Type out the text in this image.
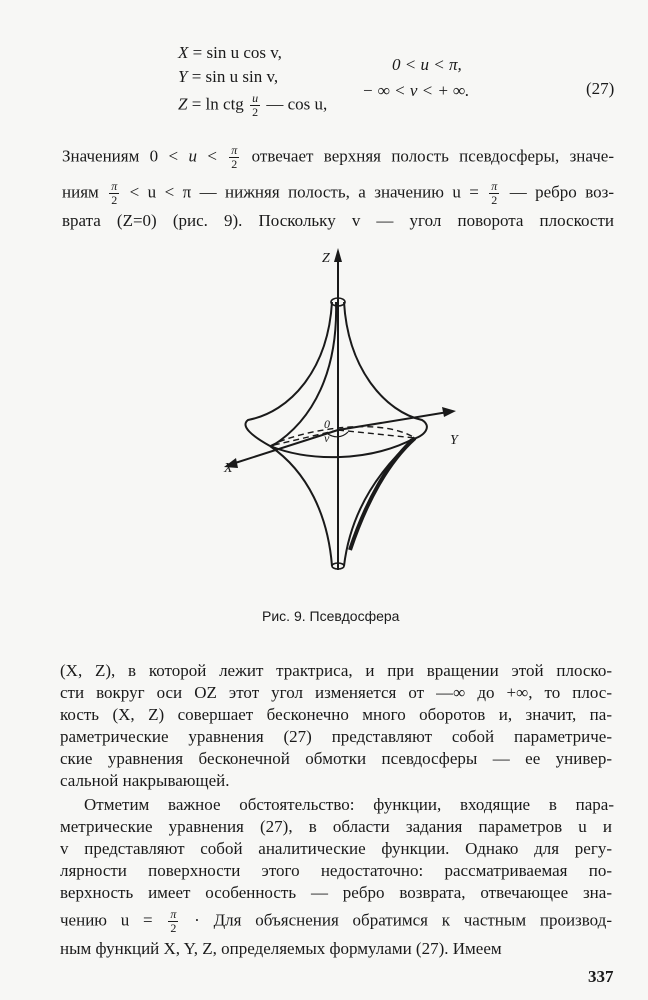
X = sin u cos v,
Y = sin u sin v,
Z = ln ctg $\frac{u}{2}$ — cos u,
0 < u < π,
− ∞ < v < + ∞.	(27)
Значениям $0 < u < \frac{\pi}{2}$ отвечает верхняя полость псевдосферы, значе-
ниям $\frac{\pi}{2} < u < \pi$ — нижняя полость, а значению $u = \frac{\pi}{2}$ — ребро воз-
врата (Z=0) (рис. 9). Поскольку v — угол поворота плоскости
Z
Y
X
0
v
Рис. 9. Псевдосфера
(X, Z), в которой лежит трактриса, и при вращении этой плоско-
сти вокруг оси OZ этот угол изменяется от —∞ до +∞, то плос-
кость (X, Z) совершает бесконечно много оборотов и, значит, па-
раметрические уравнения (27) представляют собой параметриче-
ские уравнения бесконечной обмотки псевдосферы — ее универ-
сальной накрывающей.
Отметим важное обстоятельство: функции, входящие в пара-
метрические уравнения (27), в области задания параметров u и
v представляют собой аналитические функции. Однако для регу-
лярности поверхности этого недостаточно: рассматриваемая по-
верхность имеет особенность — ребро возврата, отвечающее зна-
чению $u = \frac{\pi}{2}$ · Для объяснения обратимся к частным производ-
ным функций X, Y, Z, определяемых формулами (27). Имеем
337
